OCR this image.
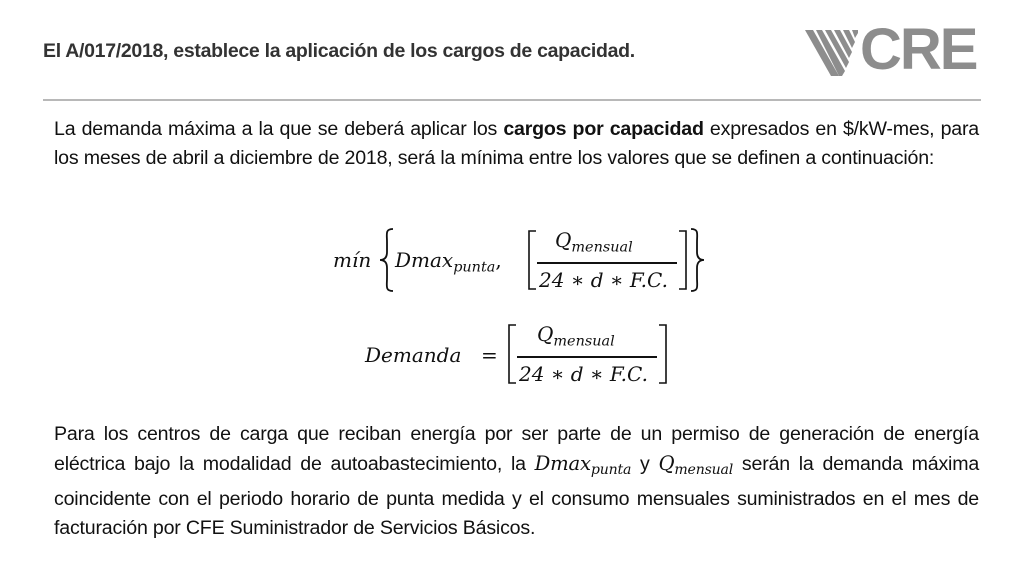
El A/017/2018, establece la aplicación de los cargos de capacidad.	CRE
La demanda máxima a la que se deberá aplicar los cargos por capacidad expresados en $/kW-mes, para los meses de abril a diciembre de 2018, será la mínima entre los valores que se definen a continuación:
mín Dmax$_{punta}$,
$Q_{mensual}$
24 ∗ d ∗ F.C.
Demanda =
$Q_{mensual}$
24 ∗ d ∗ F.C.
Para los centros de carga que reciban energía por ser parte de un permiso de generación de energía eléctrica bajo la modalidad de autoabastecimiento, la Dmax$_{punta}$ y $Q_{mensual}$ serán la demanda máxima coincidente con el periodo horario de punta medida y el consumo mensuales suministrados en el mes de facturación por CFE Suministrador de Servicios Básicos.
